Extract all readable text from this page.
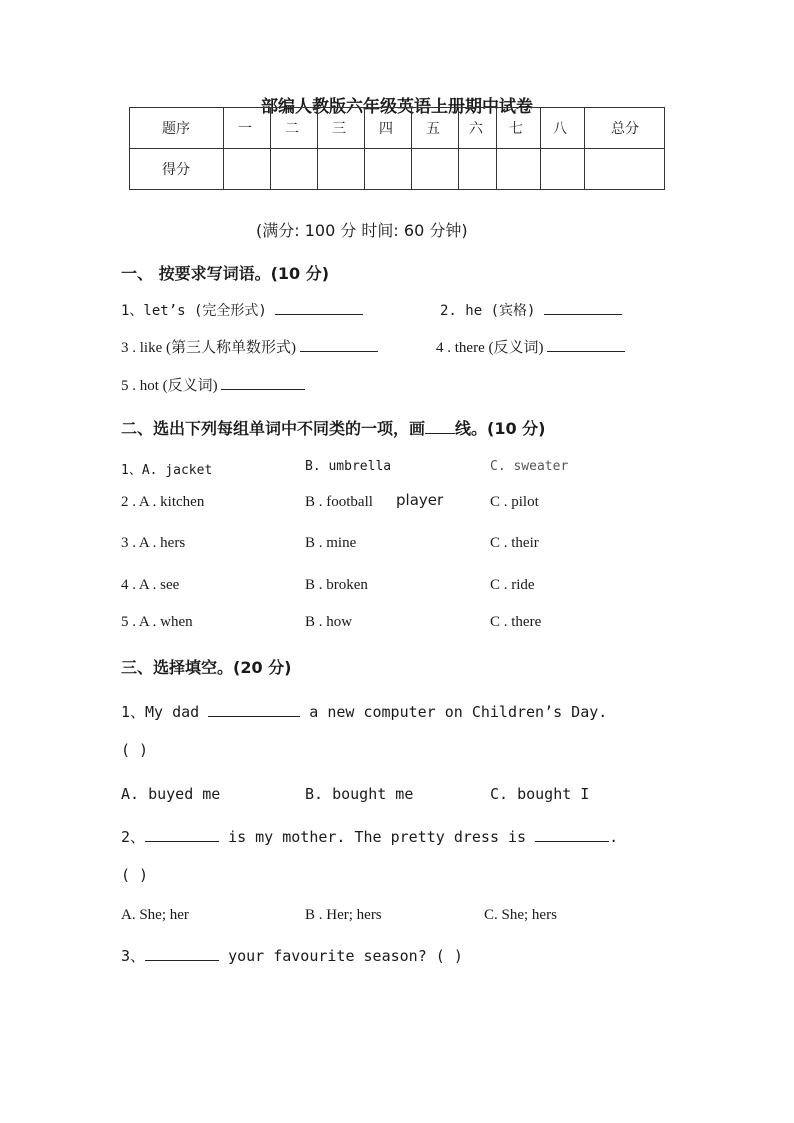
部编人教版六年级英语上册期中试卷
题序	一	二	三	四	五	六	七	八	总分
得分									
(满分: 100 分 时间: 60 分钟)
一、 按要求写词语。(10 分)
1、let’s (完全形式)	2. he (宾格)
3 . like (第三人称单数形式)	4 . there (反义词)
5 . hot (反义词)
二、选出下列每组单词中不同类的一项，画 线。(10 分)
1、A. jacket	B. umbrella	C. sweater
2 . A . kitchen	B . football player	C . pilot
3 . A . hers	B . mine	C . their
4 . A . see	B . broken	C . ride
5 . A . when	B . how	C . there
三、选择填空。(20 分)
1、My dad	a new computer on Children’s Day.
( )
A. buyed me	B. bought me	C. bought I
2、	is my mother. The pretty dress is	.
( )
A. She; her	B . Her; hers	C. She; hers
3、	your favourite season? ( )
